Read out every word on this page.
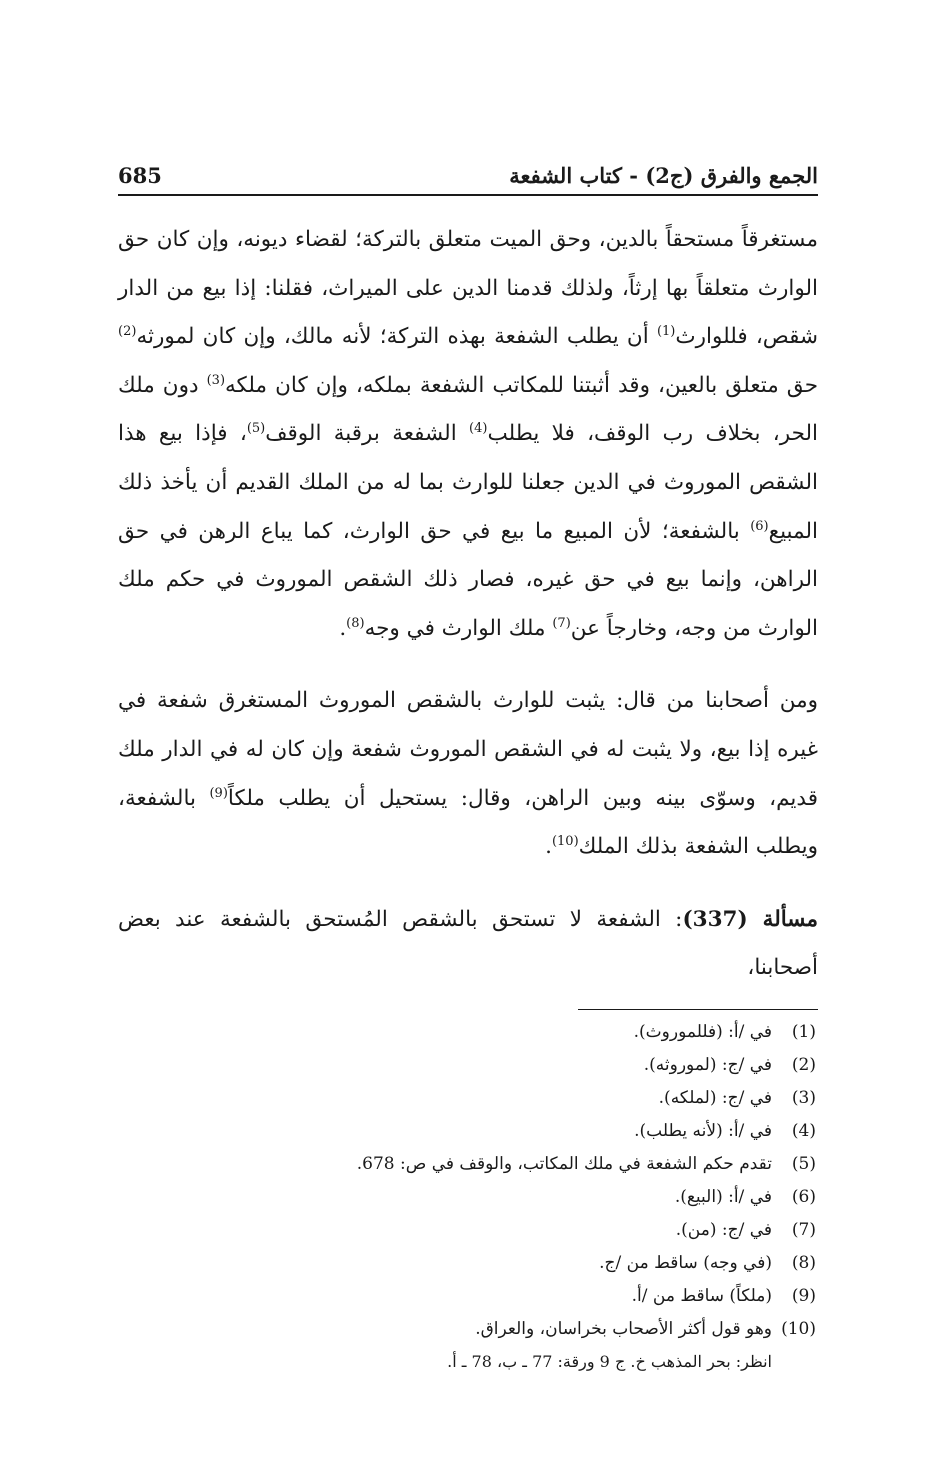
الجمع والفرق (ج2) - كتاب الشفعة
685

مستغرقاً مستحقاً بالدين، وحق الميت متعلق بالتركة؛ لقضاء ديونه، وإن كان حق الوارث متعلقاً بها إرثاً، ولذلك قدمنا الدين على الميراث، فقلنا: إذا بيع من الدار شقص، فللوارث$^{(1)}$ أن يطلب الشفعة بهذه التركة؛ لأنه مالك، وإن كان لمورثه$^{(2)}$ حق متعلق بالعين، وقد أثبتنا للمكاتب الشفعة بملكه، وإن كان ملكه$^{(3)}$ دون ملك الحر، بخلاف رب الوقف، فلا يطلب$^{(4)}$ الشفعة برقبة الوقف$^{(5)}$، فإذا بيع هذا الشقص الموروث في الدين جعلنا للوارث بما له من الملك القديم أن يأخذ ذلك المبيع$^{(6)}$ بالشفعة؛ لأن المبيع ما بيع في حق الوارث، كما يباع الرهن في حق الراهن، وإنما بيع في حق غيره، فصار ذلك الشقص الموروث في حكم ملك الوارث من وجه، وخارجاً عن$^{(7)}$ ملك الوارث في وجه$^{(8)}$.

ومن أصحابنا من قال: يثبت للوارث بالشقص الموروث المستغرق شفعة في غيره إذا بيع، ولا يثبت له في الشقص الموروث شفعة وإن كان له في الدار ملك قديم، وسوّى بينه وبين الراهن، وقال: يستحيل أن يطلب ملكاً$^{(9)}$ بالشفعة، ويطلب الشفعة بذلك الملك$^{(10)}$.

مسألة (337): الشفعة لا تستحق بالشقص المُستحق بالشفعة عند بعض أصحابنا،

(1)
في /أ: (فللموروث).
(2)
في /ج: (لموروثه).
(3)
في /ج: (لملكه).
(4)
في /أ: (لأنه يطلب).
(5)
تقدم حكم الشفعة في ملك المكاتب، والوقف في ص: 678.
(6)
في /أ: (البيع).
(7)
في /ج: (من).
(8)
(في وجه) ساقط من /ج.
(9)
(ملكاً) ساقط من /أ.
(10)
وهو قول أكثر الأصحاب بخراسان، والعراق.
انظر: بحر المذهب خ. ج 9 ورقة: 77 ـ ب، 78 ـ أ.
